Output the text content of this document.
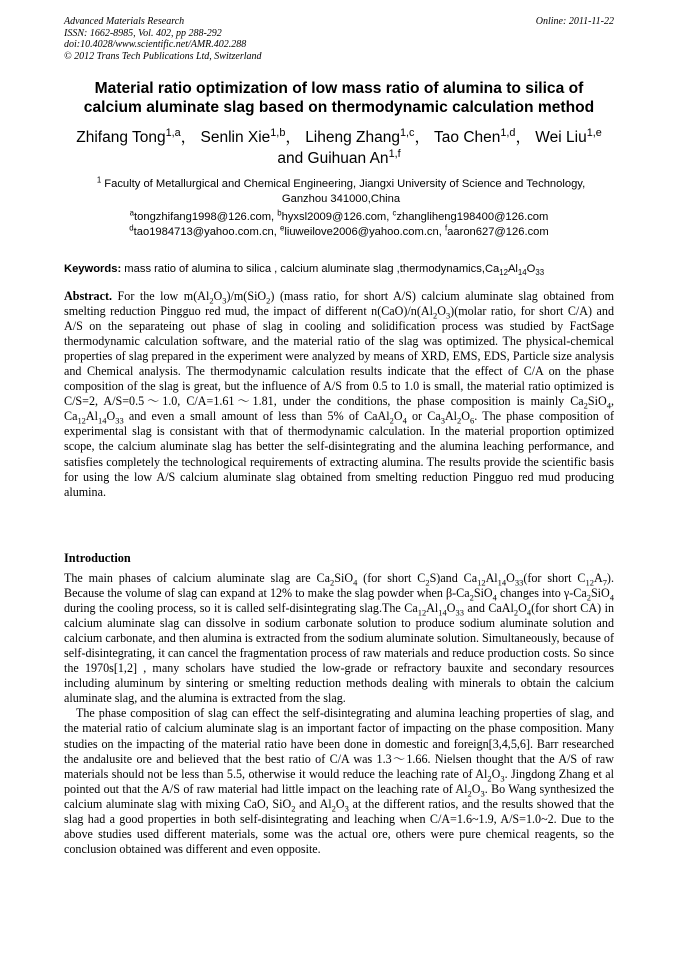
Advanced Materials Research
ISSN: 1662-8985, Vol. 402, pp 288-292
doi:10.4028/www.scientific.net/AMR.402.288
© 2012 Trans Tech Publications Ltd, Switzerland
Online: 2011-11-22
Material ratio optimization of low mass ratio of alumina to silica of
calcium aluminate slag based on thermodynamic calculation method
Zhifang Tong$^{1,a}$， Senlin Xie$^{1,b}$， Liheng Zhang$^{1,c}$， Tao Chen$^{1,d}$， Wei Liu$^{1,e}$
and Guihuan An$^{1,f}$
$^1$ Faculty of Metallurgical and Chemical Engineering, Jiangxi University of Science and Technology,
Ganzhou 341000,China
$^a$tongzhifang1998@126.com, $^b$hyxsl2009@126.com, $^c$zhangliheng198400@126.com
$^d$tao1984713@yahoo.com.cn, $^e$liuweilove2006@yahoo.com.cn, $^f$aaron627@126.com
Keywords: mass ratio of alumina to silica , calcium aluminate slag $,thermodynamics,Ca_{12}Al_{14}O_{33}$
Abstract. For the low $m(Al_2O_3)/m(SiO_2)$ (mass ratio, for short A/S) calcium aluminate slag obtained from smelting reduction Pingguo red mud, the impact of different $n(CaO)/n(Al_2O_3)(molar$ ratio, for short C/A) and A/S on the separateing out phase of slag in cooling and solidification process was studied by FactSage thermodynamic calculation software, and the material ratio of the slag was optimized. The physical-chemical properties of slag prepared in the experiment were analyzed by means of XRD, EMS, EDS, Particle size analysis and Chemical analysis. The thermodynamic calculation results indicate that the effect of C/A on the phase composition of the slag is great, but the influence of A/S from 0.5 to 1.0 is small, the material ratio optimized is C/S=2, A/S=0.5～1.0, C/A=1.61～1.81, under the conditions, the phase composition is mainly $Ca_2SiO_4$, $Ca_{12}Al_{14}O_{33}$ and even a small amount of less than 5% of $CaAl_2O_4$ or $Ca_3Al_2O_6$. The phase composition of experimental slag is consistant with that of thermodynamic calculation. In the material proportion optimized scope, the calcium aluminate slag has better the self-disintegrating and the alumina leaching performance, and satisfies completely the technological requirements of extracting alumina. The results provide the scientific basis for using the low A/S calcium aluminate slag obtained from smelting reduction Pingguo red mud producing alumina.
Introduction

The main phases of calcium aluminate slag are $Ca_2SiO_4$ (for short $C_2S)and$ $Ca_{12}Al_{14}O_{33}(for$ short $C_{12}A_7$). Because the volume of slag can expand at 12% to make the slag powder when $\beta-Ca_2SiO_4$ changes into $\gamma-Ca_2SiO_4$ during the cooling process, so it is called self-disintegrating slag.The $Ca_{12}Al_{14}O_{33}$ and $CaAl_2O_4(for$ short CA) in calcium aluminate slag can dissolve in sodium carbonate solution to produce sodium aluminate solution and calcium carbonate, and then alumina is extracted from the sodium aluminate solution. Simultaneously, because of self-disintegrating, it can cancel the fragmentation process of raw materials and reduce production costs. So since the 1970s[1,2] , many scholars have studied the low-grade or refractory bauxite and secondary resources including aluminum by sintering or smelting reduction methods dealing with minerals to obtain the calcium aluminate slag, and the alumina is extracted from the slag.

The phase composition of slag can effect the self-disintegrating and alumina leaching properties of slag, and the material ratio of calcium aluminate slag is an important factor of impacting on the phase composition. Many studies on the impacting of the material ratio have been done in domestic and foreign[3,4,5,6]. Barr researched the andalusite ore and believed that the best ratio of C/A was 1.3～1.66. Nielsen thought that the A/S of raw materials should not be less than 5.5, otherwise it would reduce the leaching rate of $Al_2O_3$. Jingdong Zhang et al pointed out that the A/S of raw material had little impact on the leaching rate of $Al_2O_3$. Bo Wang synthesized the calcium aluminate slag with mixing CaO, SiO$_2$ and $Al_2O_3$ at the different ratios, and the results showed that the slag had a good properties in both self-disintegrating and leaching when C/A=1.6~1.9, A/S=1.0~2. Due to the above studies used different materials, some was the actual ore, others were pure chemical reagents, so the conclusion obtained was different and even opposite.
